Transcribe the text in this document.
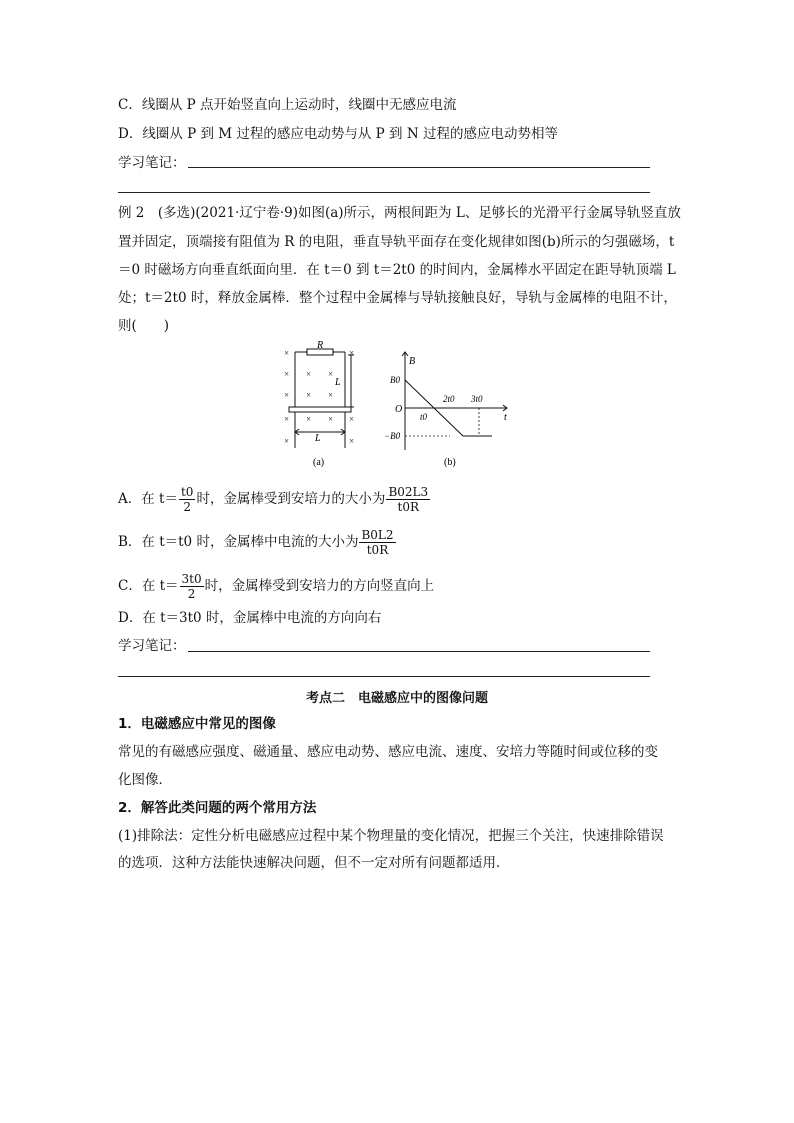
C．线圈从 P 点开始竖直向上运动时，线圈中无感应电流
D．线圈从 P 到 M 过程的感应电动势与从 P 到 N 过程的感应电动势相等
学习笔记：
例 2　(多选)(2021·辽宁卷·9)如图(a)所示，两根间距为 L、足够长的光滑平行金属导轨竖直放
置并固定，顶端接有阻值为 R 的电阻，垂直导轨平面存在变化规律如图(b)所示的匀强磁场，t
＝0 时磁场方向垂直纸面向里．在 t＝0 到 t＝2t0 的时间内，金属棒水平固定在距导轨顶端 L
处；t＝2t0 时，释放金属棒．整个过程中金属棒与导轨接触良好，导轨与金属棒的电阻不计，
则(　　)
R
L
L
×	×
× × ×
× × ×
× × × ×
×	×
(a)
B
t
O
B0
−B0
t0
2t0 3t0
(b)
A．在 $t= \frac{t0}{2}$ 时，金属棒受到安培力的大小为 $\frac{B02L3}{t0R}$
B．在 t＝t0 时，金属棒中电流的大小为 $\frac{B0L2}{t0R}$
C．在 $t= \frac{3t0}{2}$ 时，金属棒受到安培力的方向竖直向上
D．在 t＝3t0 时，金属棒中电流的方向向右
学习笔记：
考点二　电磁感应中的图像问题
1．电磁感应中常见的图像
常见的有磁感应强度、磁通量、感应电动势、感应电流、速度、安培力等随时间或位移的变
化图像．
2．解答此类问题的两个常用方法
(1)排除法：定性分析电磁感应过程中某个物理量的变化情况，把握三个关注，快速排除错误
的选项．这种方法能快速解决问题，但不一定对所有问题都适用．
